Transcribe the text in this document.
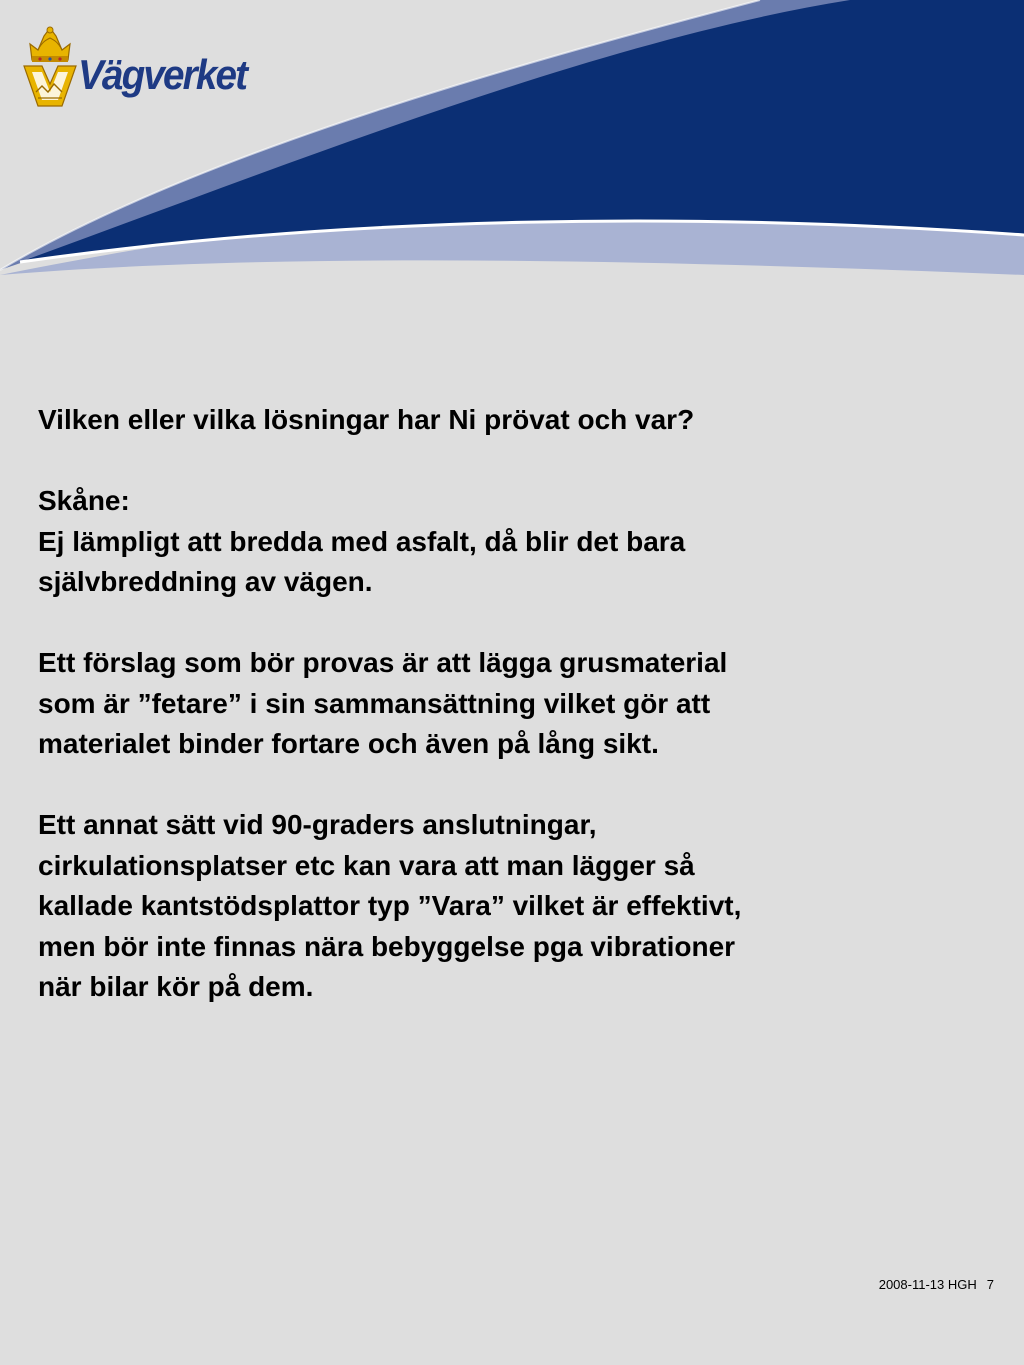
Vägverket

Vilken eller vilka lösningar har Ni prövat och var?

Skåne:

Ej lämpligt att bredda med asfalt, då blir det bara

självbreddning av vägen.

Ett förslag som bör provas är att lägga grusmaterial

som är ”fetare” i sin sammansättning vilket gör att

materialet binder fortare och även på lång sikt.

Ett annat sätt vid 90-graders anslutningar,

cirkulationsplatser etc kan vara att man lägger så

kallade kantstödsplattor typ ”Vara” vilket är effektivt,

men bör inte finnas nära bebyggelse pga vibrationer

när bilar kör på dem.

2008-11-13 HGH 7
